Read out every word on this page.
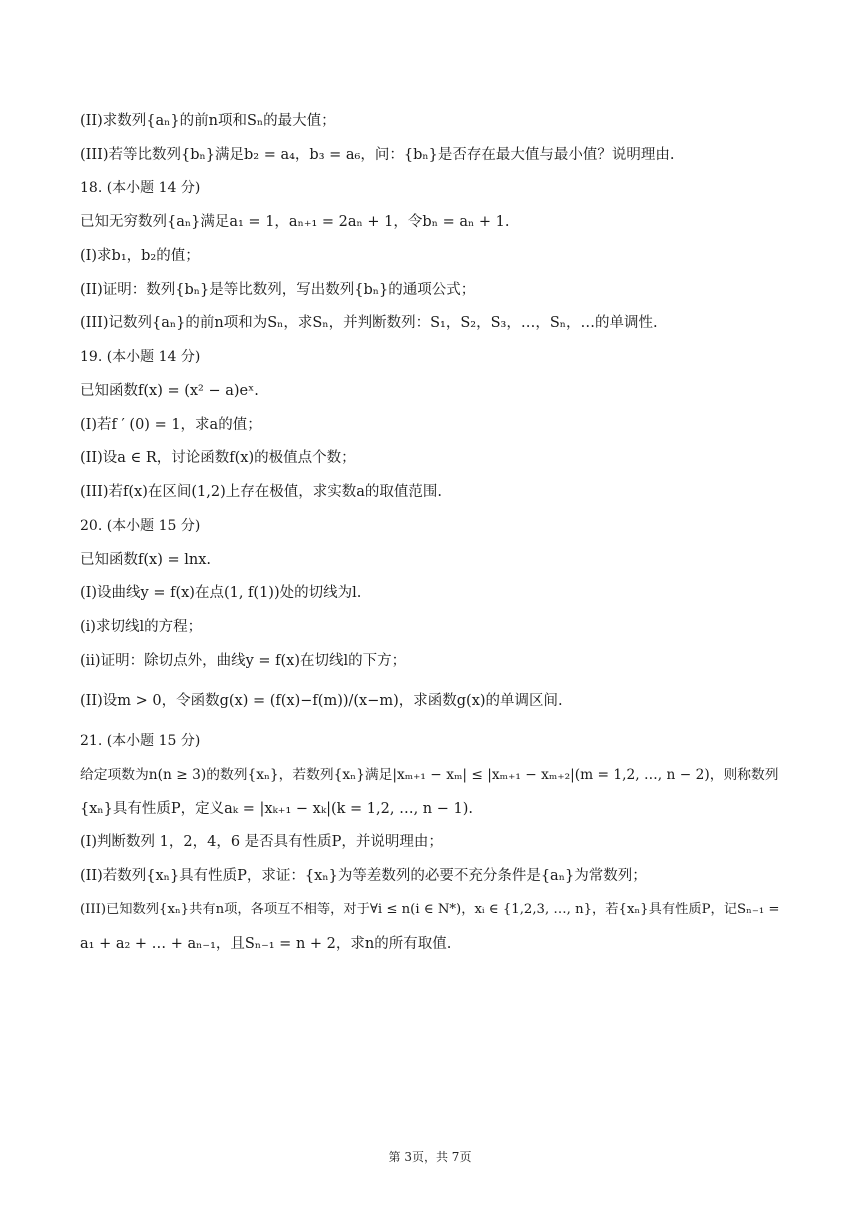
(II)求数列{aₙ}的前n项和Sₙ的最大值；
(III)若等比数列{bₙ}满足b₂ = a₄，b₃ = a₆，问：{bₙ}是否存在最大值与最小值？说明理由.
18. (本小题 14 分)
已知无穷数列{aₙ}满足a₁ = 1，aₙ₊₁ = 2aₙ + 1，令bₙ = aₙ + 1.
(I)求b₁，b₂的值；
(II)证明：数列{bₙ}是等比数列，写出数列{bₙ}的通项公式；
(III)记数列{aₙ}的前n项和为Sₙ，求Sₙ，并判断数列：S₁，S₂，S₃，…，Sₙ，…的单调性.
19. (本小题 14 分)
已知函数f(x) = (x² − a)eˣ.
(I)若f ′ (0) = 1，求a的值；
(II)设a ∈ R，讨论函数f(x)的极值点个数；
(III)若f(x)在区间(1,2)上存在极值，求实数a的取值范围.
20. (本小题 15 分)
已知函数f(x) = lnx.
(I)设曲线y = f(x)在点(1, f(1))处的切线为l.
(i)求切线l的方程；
(ii)证明：除切点外，曲线y = f(x)在切线l的下方；
(II)设m > 0，令函数g(x) = (f(x)−f(m))/(x−m)，求函数g(x)的单调区间.
21. (本小题 15 分)
给定项数为n(n ≥ 3)的数列{xₙ}，若数列{xₙ}满足|xₘ₊₁ − xₘ| ≤ |xₘ₊₁ − xₘ₊₂|(m = 1,2, …, n − 2)，则称数列
{xₙ}具有性质P，定义aₖ = |xₖ₊₁ − xₖ|(k = 1,2, …, n − 1).
(I)判断数列 1，2，4，6 是否具有性质P，并说明理由；
(II)若数列{xₙ}具有性质P，求证：{xₙ}为等差数列的必要不充分条件是{aₙ}为常数列；
(III)已知数列{xₙ}共有n项，各项互不相等，对于∀i ≤ n(i ∈ N*)，xᵢ ∈ {1,2,3, …, n}，若{xₙ}具有性质P，记Sₙ₋₁ =
a₁ + a₂ + … + aₙ₋₁，且Sₙ₋₁ = n + 2，求n的所有取值.
第 3页，共 7页
